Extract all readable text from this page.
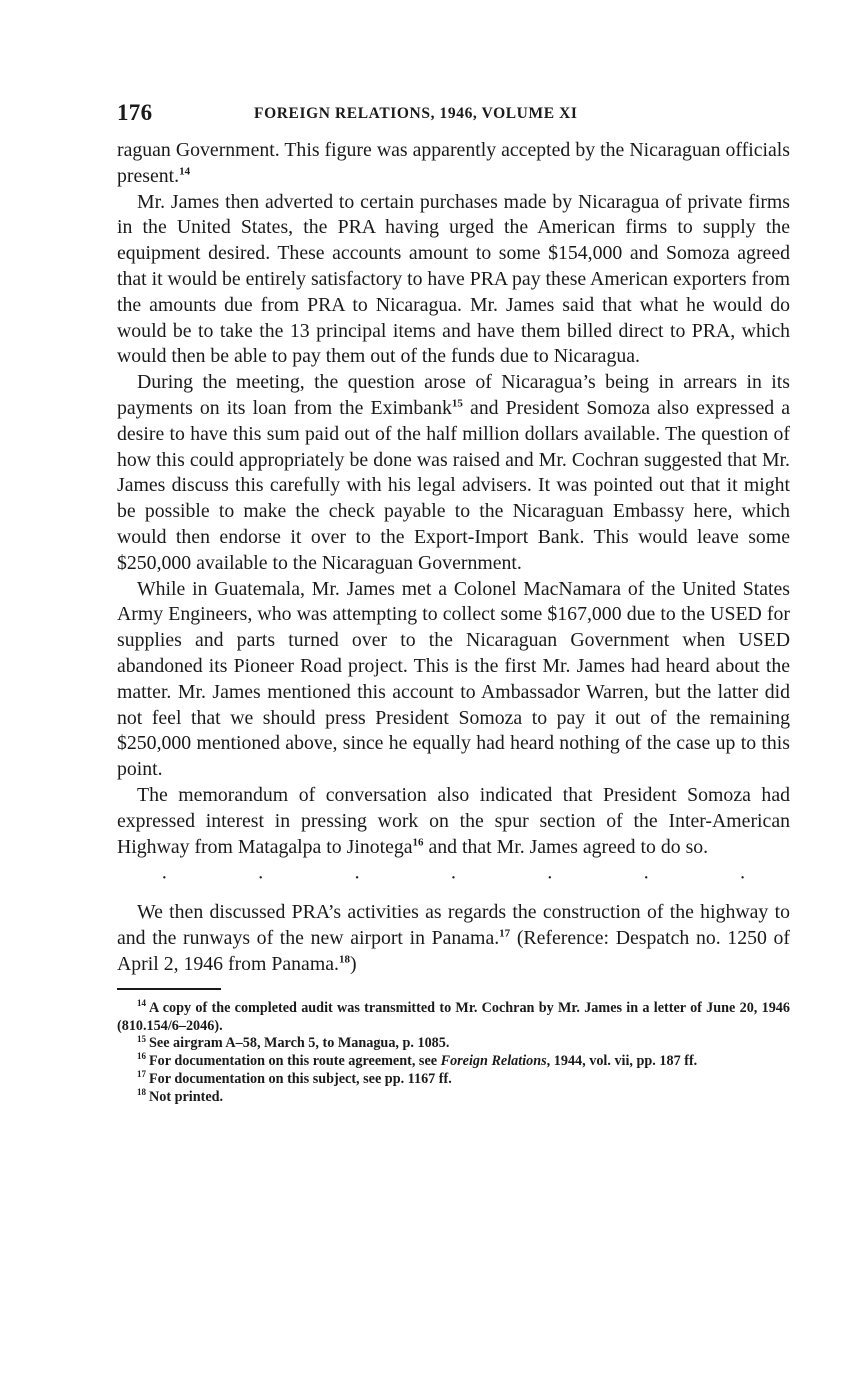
176	FOREIGN RELATIONS, 1946, VOLUME XI

raguan Government. This figure was apparently accepted by the Nicaraguan officials present.$^{14}$

Mr. James then adverted to certain purchases made by Nicaragua of private firms in the United States, the PRA having urged the American firms to supply the equipment desired. These accounts amount to some $154,000 and Somoza agreed that it would be entirely satisfactory to have PRA pay these American exporters from the amounts due from PRA to Nicaragua. Mr. James said that what he would do would be to take the 13 principal items and have them billed direct to PRA, which would then be able to pay them out of the funds due to Nicaragua.

During the meeting, the question arose of Nicaragua’s being in arrears in its payments on its loan from the Eximbank$^{15}$ and President Somoza also expressed a desire to have this sum paid out of the half million dollars available. The question of how this could appropriately be done was raised and Mr. Cochran suggested that Mr. James discuss this carefully with his legal advisers. It was pointed out that it might be possible to make the check payable to the Nicaraguan Embassy here, which would then endorse it over to the Export-Import Bank. This would leave some $250,000 available to the Nicaraguan Government.

While in Guatemala, Mr. James met a Colonel MacNamara of the United States Army Engineers, who was attempting to collect some $167,000 due to the USED for supplies and parts turned over to the Nicaraguan Government when USED abandoned its Pioneer Road project. This is the first Mr. James had heard about the matter. Mr. James mentioned this account to Ambassador Warren, but the latter did not feel that we should press President Somoza to pay it out of the remaining $250,000 mentioned above, since he equally had heard nothing of the case up to this point.

The memorandum of conversation also indicated that President Somoza had expressed interest in pressing work on the spur section of the Inter-American Highway from Matagalpa to Jinotega$^{16}$ and that Mr. James agreed to do so.

·	·	·	·	·	·	·

We then discussed PRA’s activities as regards the construction of the highway to and the runways of the new airport in Panama.$^{17}$ (Reference: Despatch no. 1250 of April 2, 1946 from Panama.$^{18}$)

$^{14}$ A copy of the completed audit was transmitted to Mr. Cochran by Mr. James in a letter of June 20, 1946 (810.154/6–2046).

$^{15}$ See airgram A–58, March 5, to Managua, p. 1085.

$^{16}$ For documentation on this route agreement, see Foreign Relations, 1944, vol. vii, pp. 187 ff.

$^{17}$ For documentation on this subject, see pp. 1167 ff.

$^{18}$ Not printed.
